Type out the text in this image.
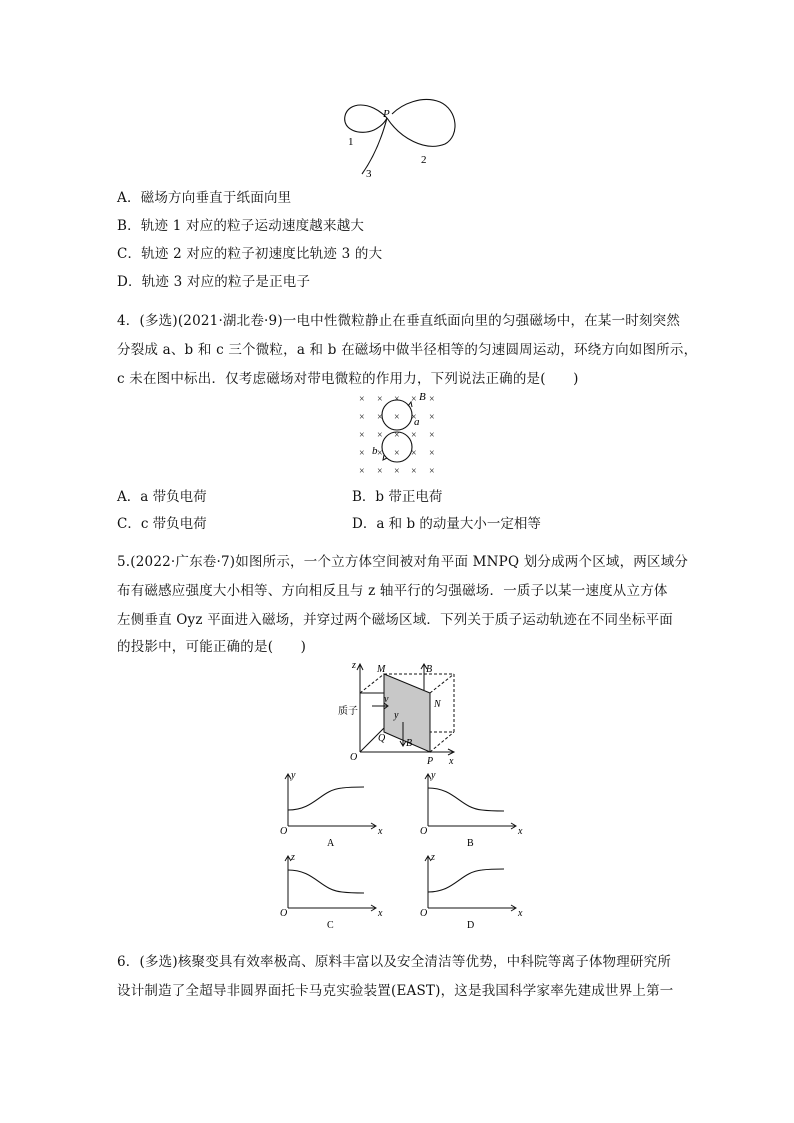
P
1
2
3
A．磁场方向垂直于纸面向里
B．轨迹 1 对应的粒子运动速度越来越大
C．轨迹 2 对应的粒子初速度比轨迹 3 的大
D．轨迹 3 对应的粒子是正电子
4．(多选)(2021·湖北卷·9)一电中性微粒静止在垂直纸面向里的匀强磁场中，在某一时刻突然
分裂成 a、b 和 c 三个微粒，a 和 b 在磁场中做半径相等的匀速圆周运动，环绕方向如图所示，
c 未在图中标出．仅考虑磁场对带电微粒的作用力，下列说法正确的是(　　)
× × × × ×
× × × × ×
× × × × ×
× × × × ×
× × × × ×
B
a
b
A．a 带负电荷	B．b 带正电荷
C．c 带负电荷	D．a 和 b 的动量大小一定相等
5.(2022·广东卷·7)如图所示，一个立方体空间被对角平面 MNPQ 划分成两个区域，两区域分
布有磁感应强度大小相等、方向相反且与 z 轴平行的匀强磁场．一质子以某一速度从立方体
左侧垂直 Oyz 平面进入磁场，并穿过两个磁场区域．下列关于质子运动轨迹在不同坐标平面
的投影中，可能正确的是(　　)
z
x
y
O
M
N
P
Q
B
B
v
质子
y
x
O
A
y
x
O
B
z
x
O
C
z
x
O
D
6．(多选)核聚变具有效率极高、原料丰富以及安全清洁等优势，中科院等离子体物理研究所
设计制造了全超导非圆界面托卡马克实验装置(EAST)，这是我国科学家率先建成世界上第一
